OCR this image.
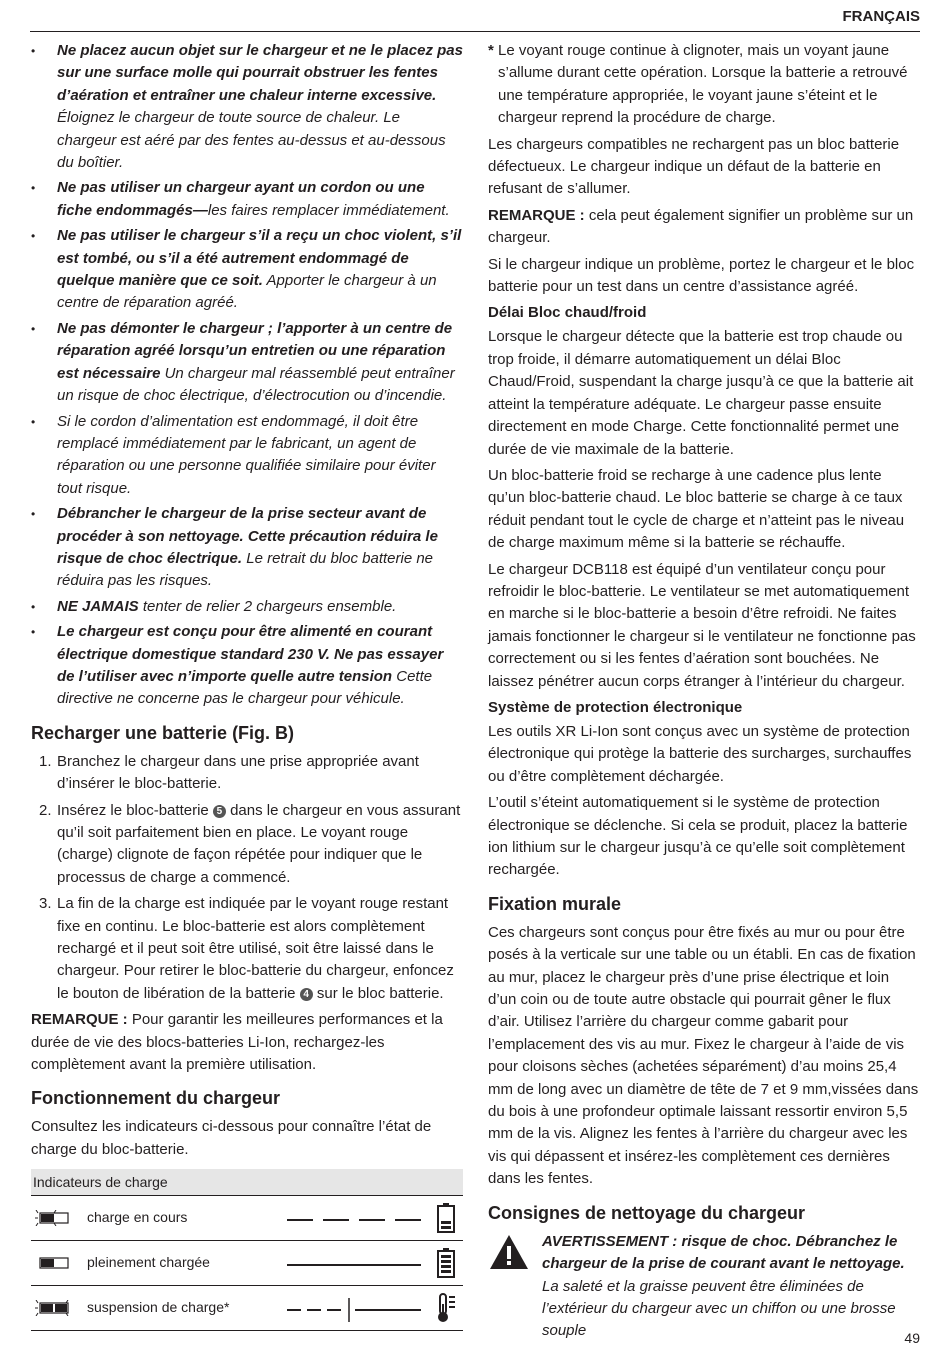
FRANÇAIS
• Ne placez aucun objet sur le chargeur et ne le placez pas sur une surface molle qui pourrait obstruer les fentes d’aération et entraîner une chaleur interne excessive. Éloignez le chargeur de toute source de chaleur. Le chargeur est aéré par des fentes au-dessus et au-dessous du boîtier.
• Ne pas utiliser un chargeur ayant un cordon ou une fiche endommagés—les faires remplacer immédiatement.
• Ne pas utiliser le chargeur s’il a reçu un choc violent, s’il est tombé, ou s’il a été autrement endommagé de quelque manière que ce soit. Apporter le chargeur à un centre de réparation agréé.
• Ne pas démonter le chargeur ; l’apporter à un centre de réparation agréé lorsqu’un entretien ou une réparation est nécessaire Un chargeur mal réassemblé peut entraîner un risque de choc électrique, d’électrocution ou d’incendie.
• Si le cordon d’alimentation est endommagé, il doit être remplacé immédiatement par le fabricant, un agent de réparation ou une personne qualifiée similaire pour éviter tout risque.
• Débrancher le chargeur de la prise secteur avant de procéder à son nettoyage. Cette précaution réduira le risque de choc électrique. Le retrait du bloc batterie ne réduira pas les risques.
• NE JAMAIS tenter de relier 2 chargeurs ensemble.
• Le chargeur est conçu pour être alimenté en courant électrique domestique standard 230 V. Ne pas essayer de l’utiliser avec n’importe quelle autre tension Cette directive ne concerne pas le chargeur pour véhicule.
Recharger une batterie (Fig. B)
1. Branchez le chargeur dans une prise appropriée avant d’insérer le bloc-batterie.
2. Insérez le bloc-batterie 5 dans le chargeur en vous assurant qu’il soit parfaitement bien en place. Le voyant rouge (charge) clignote de façon répétée pour indiquer que le processus de charge a commencé.
3. La fin de la charge est indiquée par le voyant rouge restant fixe en continu. Le bloc-batterie est alors complètement rechargé et il peut soit être utilisé, soit être laissé dans le chargeur. Pour retirer le bloc-batterie du chargeur, enfoncez le bouton de libération de la batterie 4 sur le bloc batterie.

REMARQUE : Pour garantir les meilleures performances et la durée de vie des blocs-batteries Li-Ion, rechargez-les complètement avant la première utilisation.

Fonctionnement du chargeur

Consultez les indicateurs ci-dessous pour connaître l’état de charge du bloc-batterie.

Indicateurs de charge
charge en cours
pleinement chargée
suspension de charge*

* Le voyant rouge continue à clignoter, mais un voyant jaune s’allume durant cette opération. Lorsque la batterie a retrouvé une température appropriée, le voyant jaune s’éteint et le chargeur reprend la procédure de charge.

Les chargeurs compatibles ne rechargent pas un bloc batterie défectueux. Le chargeur indique un défaut de la batterie en refusant de s’allumer.

REMARQUE : cela peut également signifier un problème sur un chargeur.

Si le chargeur indique un problème, portez le chargeur et le bloc batterie pour un test dans un centre d’assistance agréé.

Délai Bloc chaud/froid

Lorsque le chargeur détecte que la batterie est trop chaude ou trop froide, il démarre automatiquement un délai Bloc Chaud/Froid, suspendant la charge jusqu’à ce que la batterie ait atteint la température adéquate. Le chargeur passe ensuite directement en mode Charge. Cette fonctionnalité permet une durée de vie maximale de la batterie.

Un bloc-batterie froid se recharge à une cadence plus lente qu’un bloc-batterie chaud. Le bloc batterie se charge à ce taux réduit pendant tout le cycle de charge et n’atteint pas le niveau de charge maximum même si la batterie se réchauffe.

Le chargeur DCB118 est équipé d’un ventilateur conçu pour refroidir le bloc-batterie. Le ventilateur se met automatiquement en marche si le bloc-batterie a besoin d’être refroidi. Ne faites jamais fonctionner le chargeur si le ventilateur ne fonctionne pas correctement ou si les fentes d’aération sont bouchées. Ne laissez pénétrer aucun corps étranger à l’intérieur du chargeur.

Système de protection électronique

Les outils XR Li-Ion sont conçus avec un système de protection électronique qui protège la batterie des surcharges, surchauffes ou d’être complètement déchargée.

L’outil s’éteint automatiquement si le système de protection électronique se déclenche. Si cela se produit, placez la batterie ion lithium sur le chargeur jusqu’à ce qu’elle soit complètement rechargée.

Fixation murale

Ces chargeurs sont conçus pour être fixés au mur ou pour être posés à la verticale sur une table ou un établi. En cas de fixation au mur, placez le chargeur près d’une prise électrique et loin d’un coin ou de toute autre obstacle qui pourrait gêner le flux d’air. Utilisez l’arrière du chargeur comme gabarit pour l’emplacement des vis au mur. Fixez le chargeur à l’aide de vis pour cloisons sèches (achetées séparément) d’au moins 25,4 mm de long avec un diamètre de tête de 7 et 9 mm,vissées dans du bois à une profondeur optimale laissant ressortir environ 5,5 mm de la vis. Alignez les fentes à l’arrière du chargeur avec les vis qui dépassent et insérez-les complètement ces dernières dans les fentes.

Consignes de nettoyage du chargeur
AVERTISSEMENT : risque de choc. Débranchez le chargeur de la prise de courant avant le nettoyage. La saleté et la graisse peuvent être éliminées de l’extérieur du chargeur avec un chiffon ou une brosse souple	49
